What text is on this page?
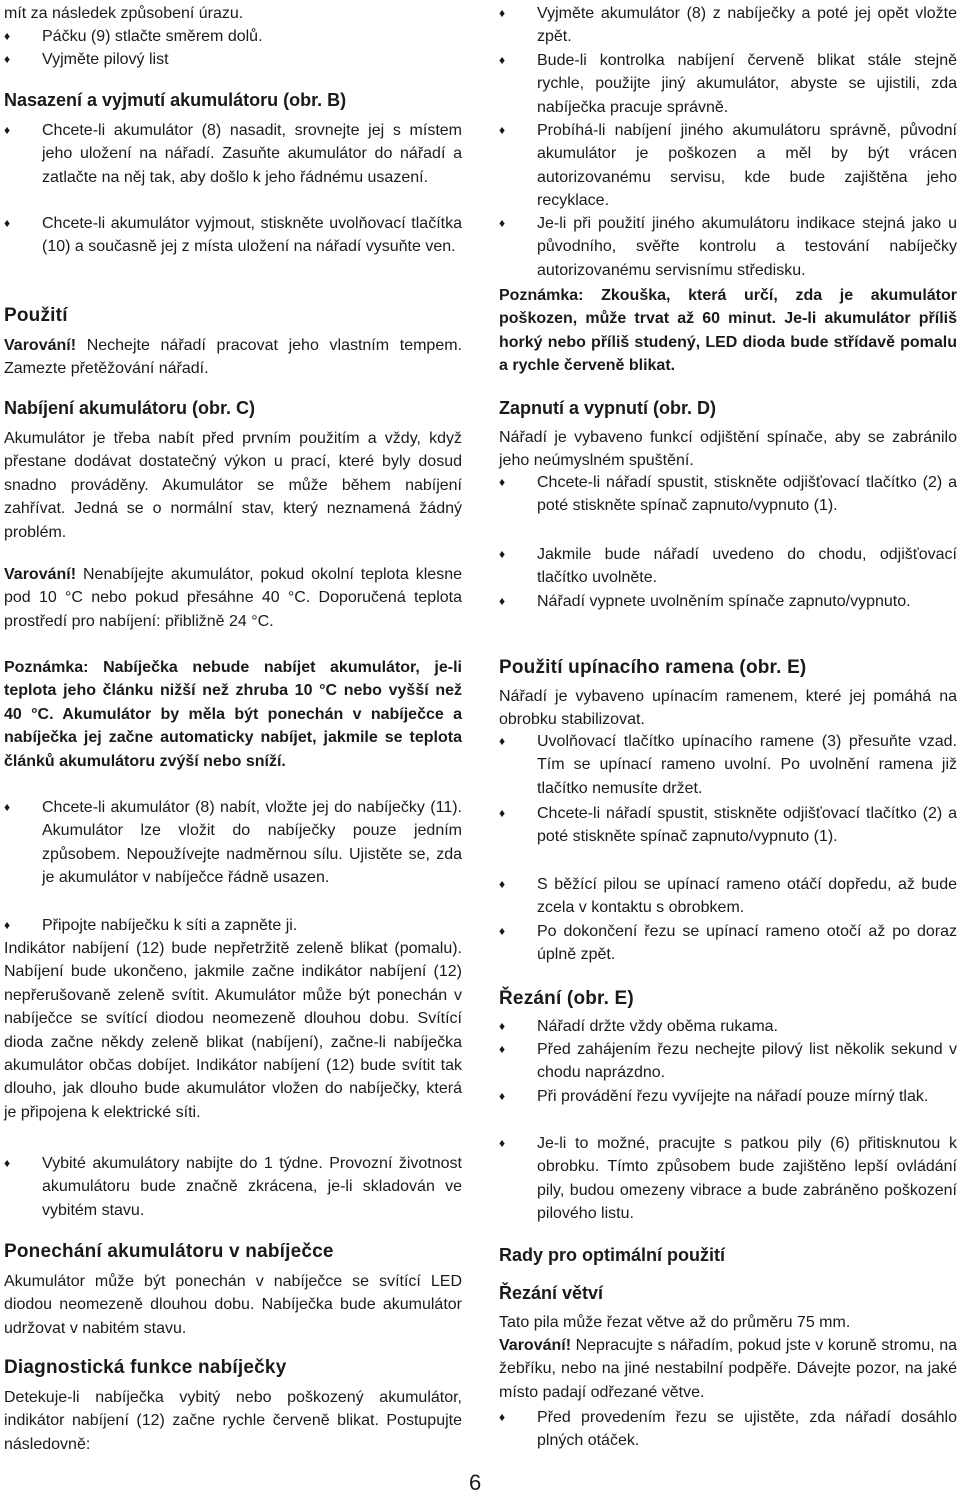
mít za následek způsobení úrazu.

♦ Páčku (9) stlačte směrem dolů.

♦ Vyjměte pilový list

Nasazení a vyjmutí akumulátoru (obr. B)
♦ Chcete-li akumulátor (8) nasadit, srovnejte jej s místem jeho uložení na nářadí. Zasuňte akumulátor do nářadí a zatlačte na něj tak, aby došlo k jeho řádnému usazení.

♦ Chcete-li akumulátor vyjmout, stiskněte uvolňovací tlačítka (10) a současně jej z místa uložení na nářadí vysuňte ven.

Použití

Varování! Nechejte nářadí pracovat jeho vlastním tempem. Zamezte přetěžování nářadí.

Nabíjení akumulátoru (obr. C)

Akumulátor je třeba nabít před prvním použitím a vždy, když přestane dodávat dostatečný výkon u prací, které byly dosud snadno prováděny. Akumulátor se může během nabíjení zahřívat. Jedná se o normální stav, který neznamená žádný problém.

Varování! Nenabíjejte akumulátor, pokud okolní teplota klesne pod 10 °C nebo pokud přesáhne 40 °C. Doporučená teplota prostředí pro nabíjení: přibližně 24 °C.

Poznámka: Nabíječka nebude nabíjet akumulátor, je-li teplota jeho článku nižší než zhruba 10 °C nebo vyšší než 40 °C. Akumulátor by měla být ponechán v nabíječce a nabíječka jej začne automaticky nabíjet, jakmile se teplota článků akumulátoru zvýší nebo sníží.

♦ Chcete-li akumulátor (8) nabít, vložte jej do nabíječky (11). Akumulátor lze vložit do nabíječky pouze jedním způsobem. Nepoužívejte nadměrnou sílu. Ujistěte se, zda je akumulátor v nabíječce řádně usazen.

♦ Připojte nabíječku k síti a zapněte ji.

Indikátor nabíjení (12) bude nepřetržitě zeleně blikat (pomalu). Nabíjení bude ukončeno, jakmile začne indikátor nabíjení (12) nepřerušovaně zeleně svítit. Akumulátor může být ponechán v nabíječce se svítící diodou neomezeně dlouhou dobu. Svítící dioda začne někdy zeleně blikat (nabíjení), začne-li nabíječka akumulátor občas dobíjet. Indikátor nabíjení (12) bude svítit tak dlouho, jak dlouho bude akumulátor vložen do nabíječky, která je připojena k elektrické síti.

♦ Vybité akumulátory nabijte do 1 týdne. Provozní životnost akumulátoru bude značně zkrácena, je-li skladován ve vybitém stavu.

Ponechání akumulátoru v nabíječce

Akumulátor může být ponechán v nabíječce se svítící LED diodou neomezeně dlouhou dobu. Nabíječka bude akumulátor udržovat v nabitém stavu.

Diagnostická funkce nabíječky

Detekuje-li nabíječka vybitý nebo poškozený akumulátor, indikátor nabíjení (12) začne rychle červeně blikat. Postupujte následovně:

♦ Vyjměte akumulátor (8) z nabíječky a poté jej opět vložte zpět.

♦ Bude-li kontrolka nabíjení červeně blikat stále stejně rychle, použijte jiný akumulátor, abyste se ujistili, zda nabíječka pracuje správně.

♦ Probíhá-li nabíjení jiného akumulátoru správně, původní akumulátor je poškozen a měl by být vrácen autorizovanému servisu, kde bude zajištěna jeho recyklace.

♦ Je-li při použití jiného akumulátoru indikace stejná jako u původního, svěřte kontrolu a testování nabíječky autorizovanému servisnímu středisku.

Poznámka: Zkouška, která určí, zda je akumulátor poškozen, může trvat až 60 minut. Je-li akumulátor příliš horký nebo příliš studený, LED dioda bude střídavě pomalu a rychle červeně blikat.

Zapnutí a vypnutí (obr. D)

Nářadí je vybaveno funkcí odjištění spínače, aby se zabránilo jeho neúmyslném spuštění.

♦ Chcete-li nářadí spustit, stiskněte odjišťovací tlačítko (2) a poté stiskněte spínač zapnuto/vypnuto (1).

♦ Jakmile bude nářadí uvedeno do chodu, odjišťovací tlačítko uvolněte.

♦ Nářadí vypnete uvolněním spínače zapnuto/vypnuto.

Použití upínacího ramena (obr. E)

Nářadí je vybaveno upínacím ramenem, které jej pomáhá na obrobku stabilizovat.

♦ Uvolňovací tlačítko upínacího ramene (3) přesuňte vzad. Tím se upínací rameno uvolní. Po uvolnění ramena již tlačítko nemusíte držet.

♦ Chcete-li nářadí spustit, stiskněte odjišťovací tlačítko (2) a poté stiskněte spínač zapnuto/vypnuto (1).

♦ S běžící pilou se upínací rameno otáčí dopředu, až bude zcela v kontaktu s obrobkem.

♦ Po dokončení řezu se upínací rameno otočí až po doraz úplně zpět.

Řezání (obr. E)
♦ Nářadí držte vždy oběma rukama.

♦ Před zahájením řezu nechejte pilový list několik sekund v chodu naprázdno.

♦ Při provádění řezu vyvíjejte na nářadí pouze mírný tlak.

♦ Je-li to možné, pracujte s patkou pily (6) přitisknutou k obrobku. Tímto způsobem bude zajištěno lepší ovládání pily, budou omezeny vibrace a bude zabráněno poškození pilového listu.

Rady pro optimální použití
Řezání větví

Tato pila může řezat větve až do průměru 75 mm.

Varování! Nepracujte s nářadím, pokud jste v koruně stromu, na žebříku, nebo na jiné nestabilní podpěře. Dávejte pozor, na jaké místo padají odřezané větve.

♦ Před provedením řezu se ujistěte, zda nářadí dosáhlo plných otáček.

6
